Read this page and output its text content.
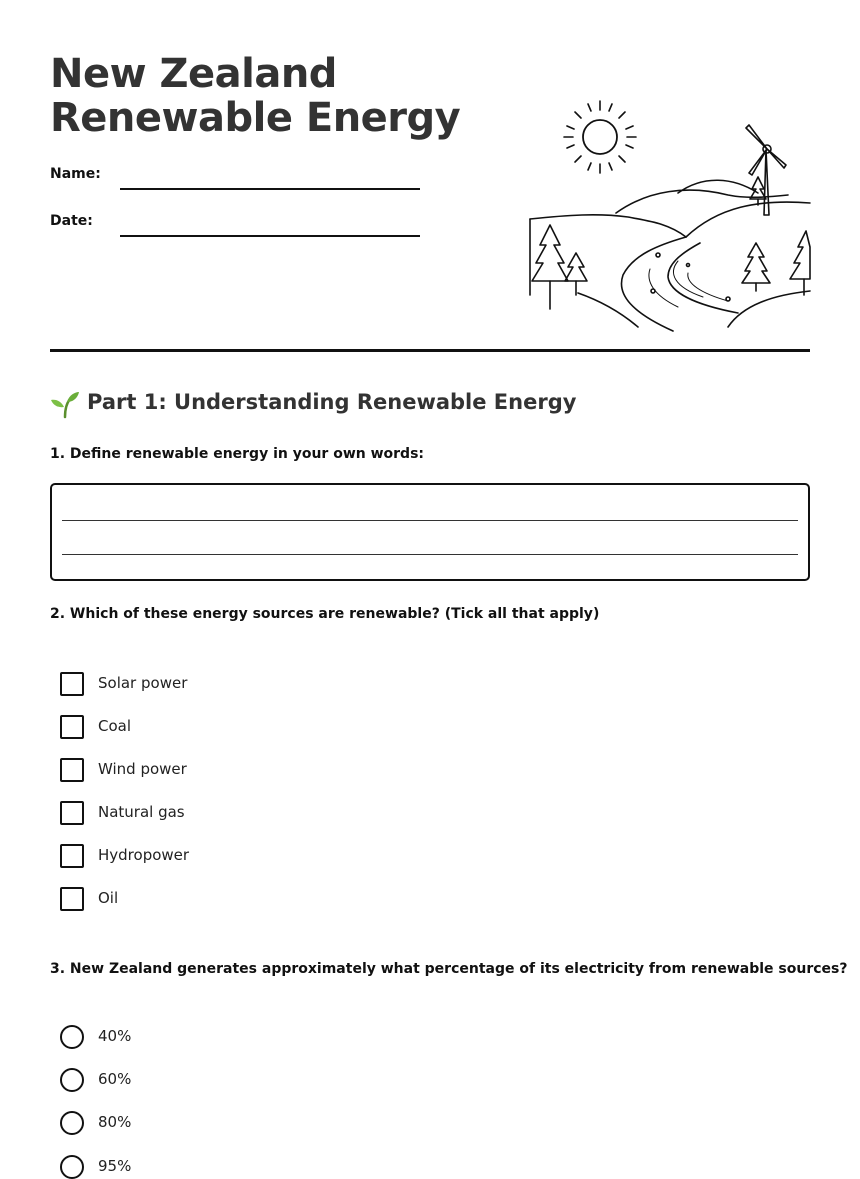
New Zealand
Renewable Energy
Name:
Date:
Part 1: Understanding Renewable Energy
1. Define renewable energy in your own words:
2. Which of these energy sources are renewable? (Tick all that apply)
Solar power
Coal
Wind power
Natural gas
Hydropower
Oil
3. New Zealand generates approximately what percentage of its electricity from renewable sources?
40%
60%
80%
95%
